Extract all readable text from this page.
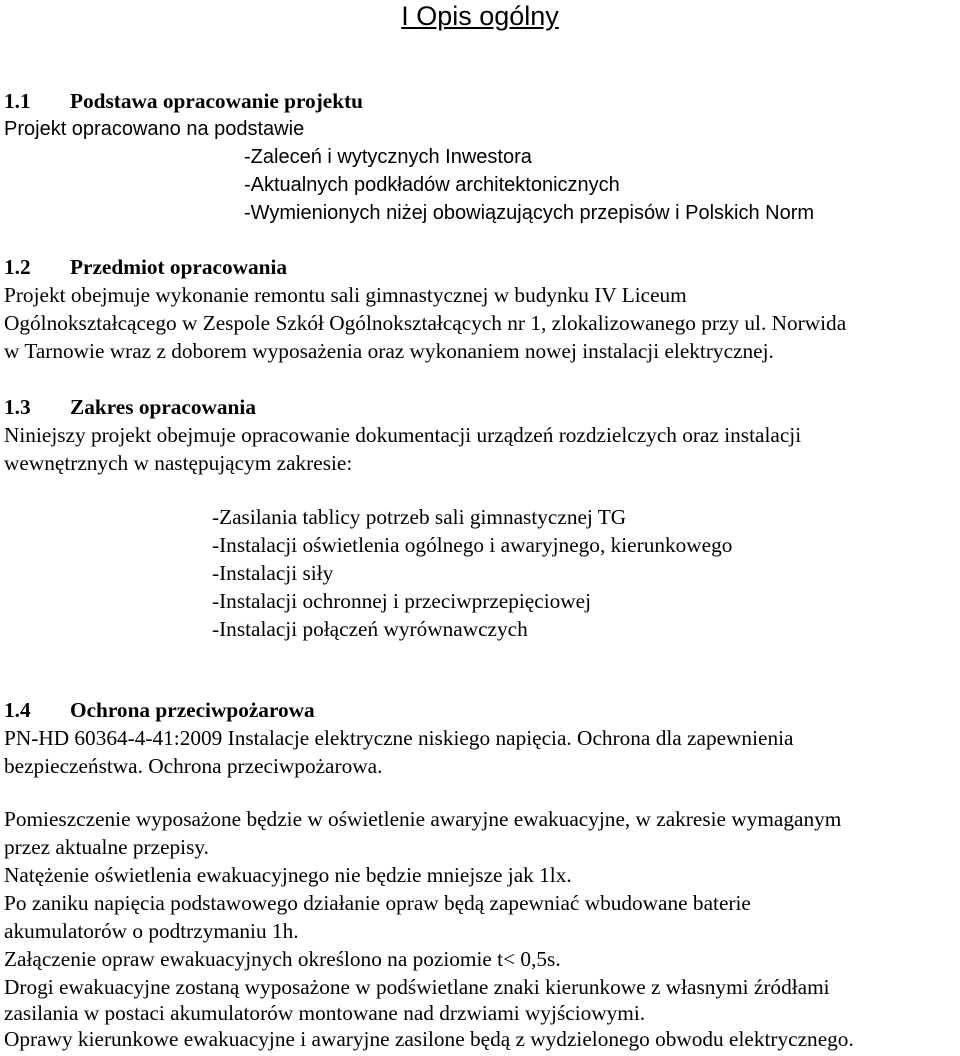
I Opis ogólny
1.1 Podstawa opracowanie projektu
Projekt opracowano na podstawie
-Zaleceń i wytycznych Inwestora
-Aktualnych podkładów architektonicznych
-Wymienionych niżej obowiązujących przepisów i Polskich Norm
1.2 Przedmiot opracowania
Projekt obejmuje wykonanie remontu sali gimnastycznej w budynku IV Liceum
Ogólnokształcącego w Zespole Szkół Ogólnokształcących nr 1, zlokalizowanego przy ul. Norwida
w Tarnowie wraz z doborem wyposażenia oraz wykonaniem nowej instalacji elektrycznej.
1.3 Zakres opracowania
Niniejszy projekt obejmuje opracowanie dokumentacji urządzeń rozdzielczych oraz instalacji
wewnętrznych w następującym zakresie:
-Zasilania tablicy potrzeb sali gimnastycznej TG
-Instalacji oświetlenia ogólnego i awaryjnego, kierunkowego
-Instalacji siły
-Instalacji ochronnej i przeciwprzepięciowej
-Instalacji połączeń wyrównawczych
1.4 Ochrona przeciwpożarowa
PN-HD 60364-4-41:2009 Instalacje elektryczne niskiego napięcia. Ochrona dla zapewnienia
bezpieczeństwa. Ochrona przeciwpożarowa.
Pomieszczenie wyposażone będzie w oświetlenie awaryjne ewakuacyjne, w zakresie wymaganym
przez aktualne przepisy.
Natężenie oświetlenia ewakuacyjnego nie będzie mniejsze jak 1lx.
Po zaniku napięcia podstawowego działanie opraw będą zapewniać wbudowane baterie
akumulatorów o podtrzymaniu 1h.
Załączenie opraw ewakuacyjnych określono na poziomie t< 0,5s.
Drogi ewakuacyjne zostaną wyposażone w podświetlane znaki kierunkowe z własnymi źródłami
zasilania w postaci akumulatorów montowane nad drzwiami wyjściowymi.
Oprawy kierunkowe ewakuacyjne i awaryjne zasilone będą z wydzielonego obwodu elektrycznego.
